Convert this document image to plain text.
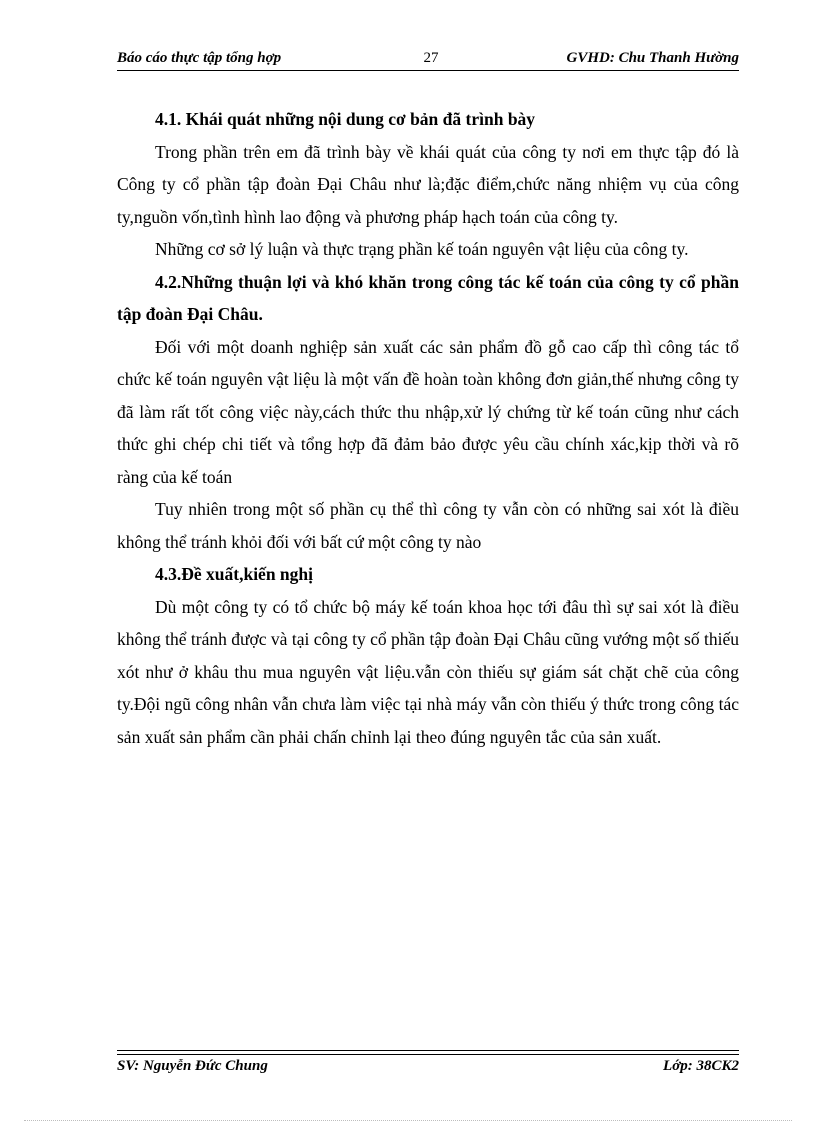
Báo cáo thực tập tổng hợp	27	GVHD: Chu Thanh Hường

4.1. Khái quát những nội dung cơ bản đã trình bày

Trong phần trên em đã trình bày về khái quát của công ty nơi em thực tập đó là Công ty cổ phần tập đoàn Đại Châu như là;đặc điểm,chức năng nhiệm vụ của công ty,nguồn vốn,tình hình lao động và phương pháp hạch toán của công ty.

Những cơ sở lý luận và thực trạng phần kế toán nguyên vật liệu của công ty.

4.2.Những thuận lợi và khó khăn trong công tác kế toán của công ty cổ phần tập đoàn Đại Châu.

Đối với một doanh nghiệp sản xuất các sản phẩm đồ gỗ cao cấp thì công tác tổ chức kế toán nguyên vật liệu là một vấn đề hoàn toàn không đơn giản,thế nhưng công ty đã làm rất tốt công việc này,cách thức thu nhập,xử lý chứng từ kế toán cũng như cách thức ghi chép chi tiết và tổng hợp đã đảm bảo được yêu cầu chính xác,kịp thời và rõ ràng của kế toán

Tuy nhiên trong một số phần cụ thể thì công ty vẫn còn có những sai xót là điều không thể tránh khỏi đối với bất cứ một công ty nào

4.3.Đề xuất,kiến nghị

Dù một công ty có tổ chức bộ máy kế toán khoa học tới đâu thì sự sai xót là điều không thể tránh được và tại công ty cổ phần tập đoàn Đại Châu cũng vướng một số thiếu xót như ở khâu thu mua nguyên vật liệu.vẫn còn thiếu sự giám sát chặt chẽ của công ty.Đội ngũ công nhân vẫn chưa làm việc tại nhà máy vẫn còn thiếu ý thức trong công tác sản xuất sản phẩm cần phải chấn chỉnh lại theo đúng nguyên tắc của sản xuất.

SV: Nguyễn Đức Chung	Lớp: 38CK2
